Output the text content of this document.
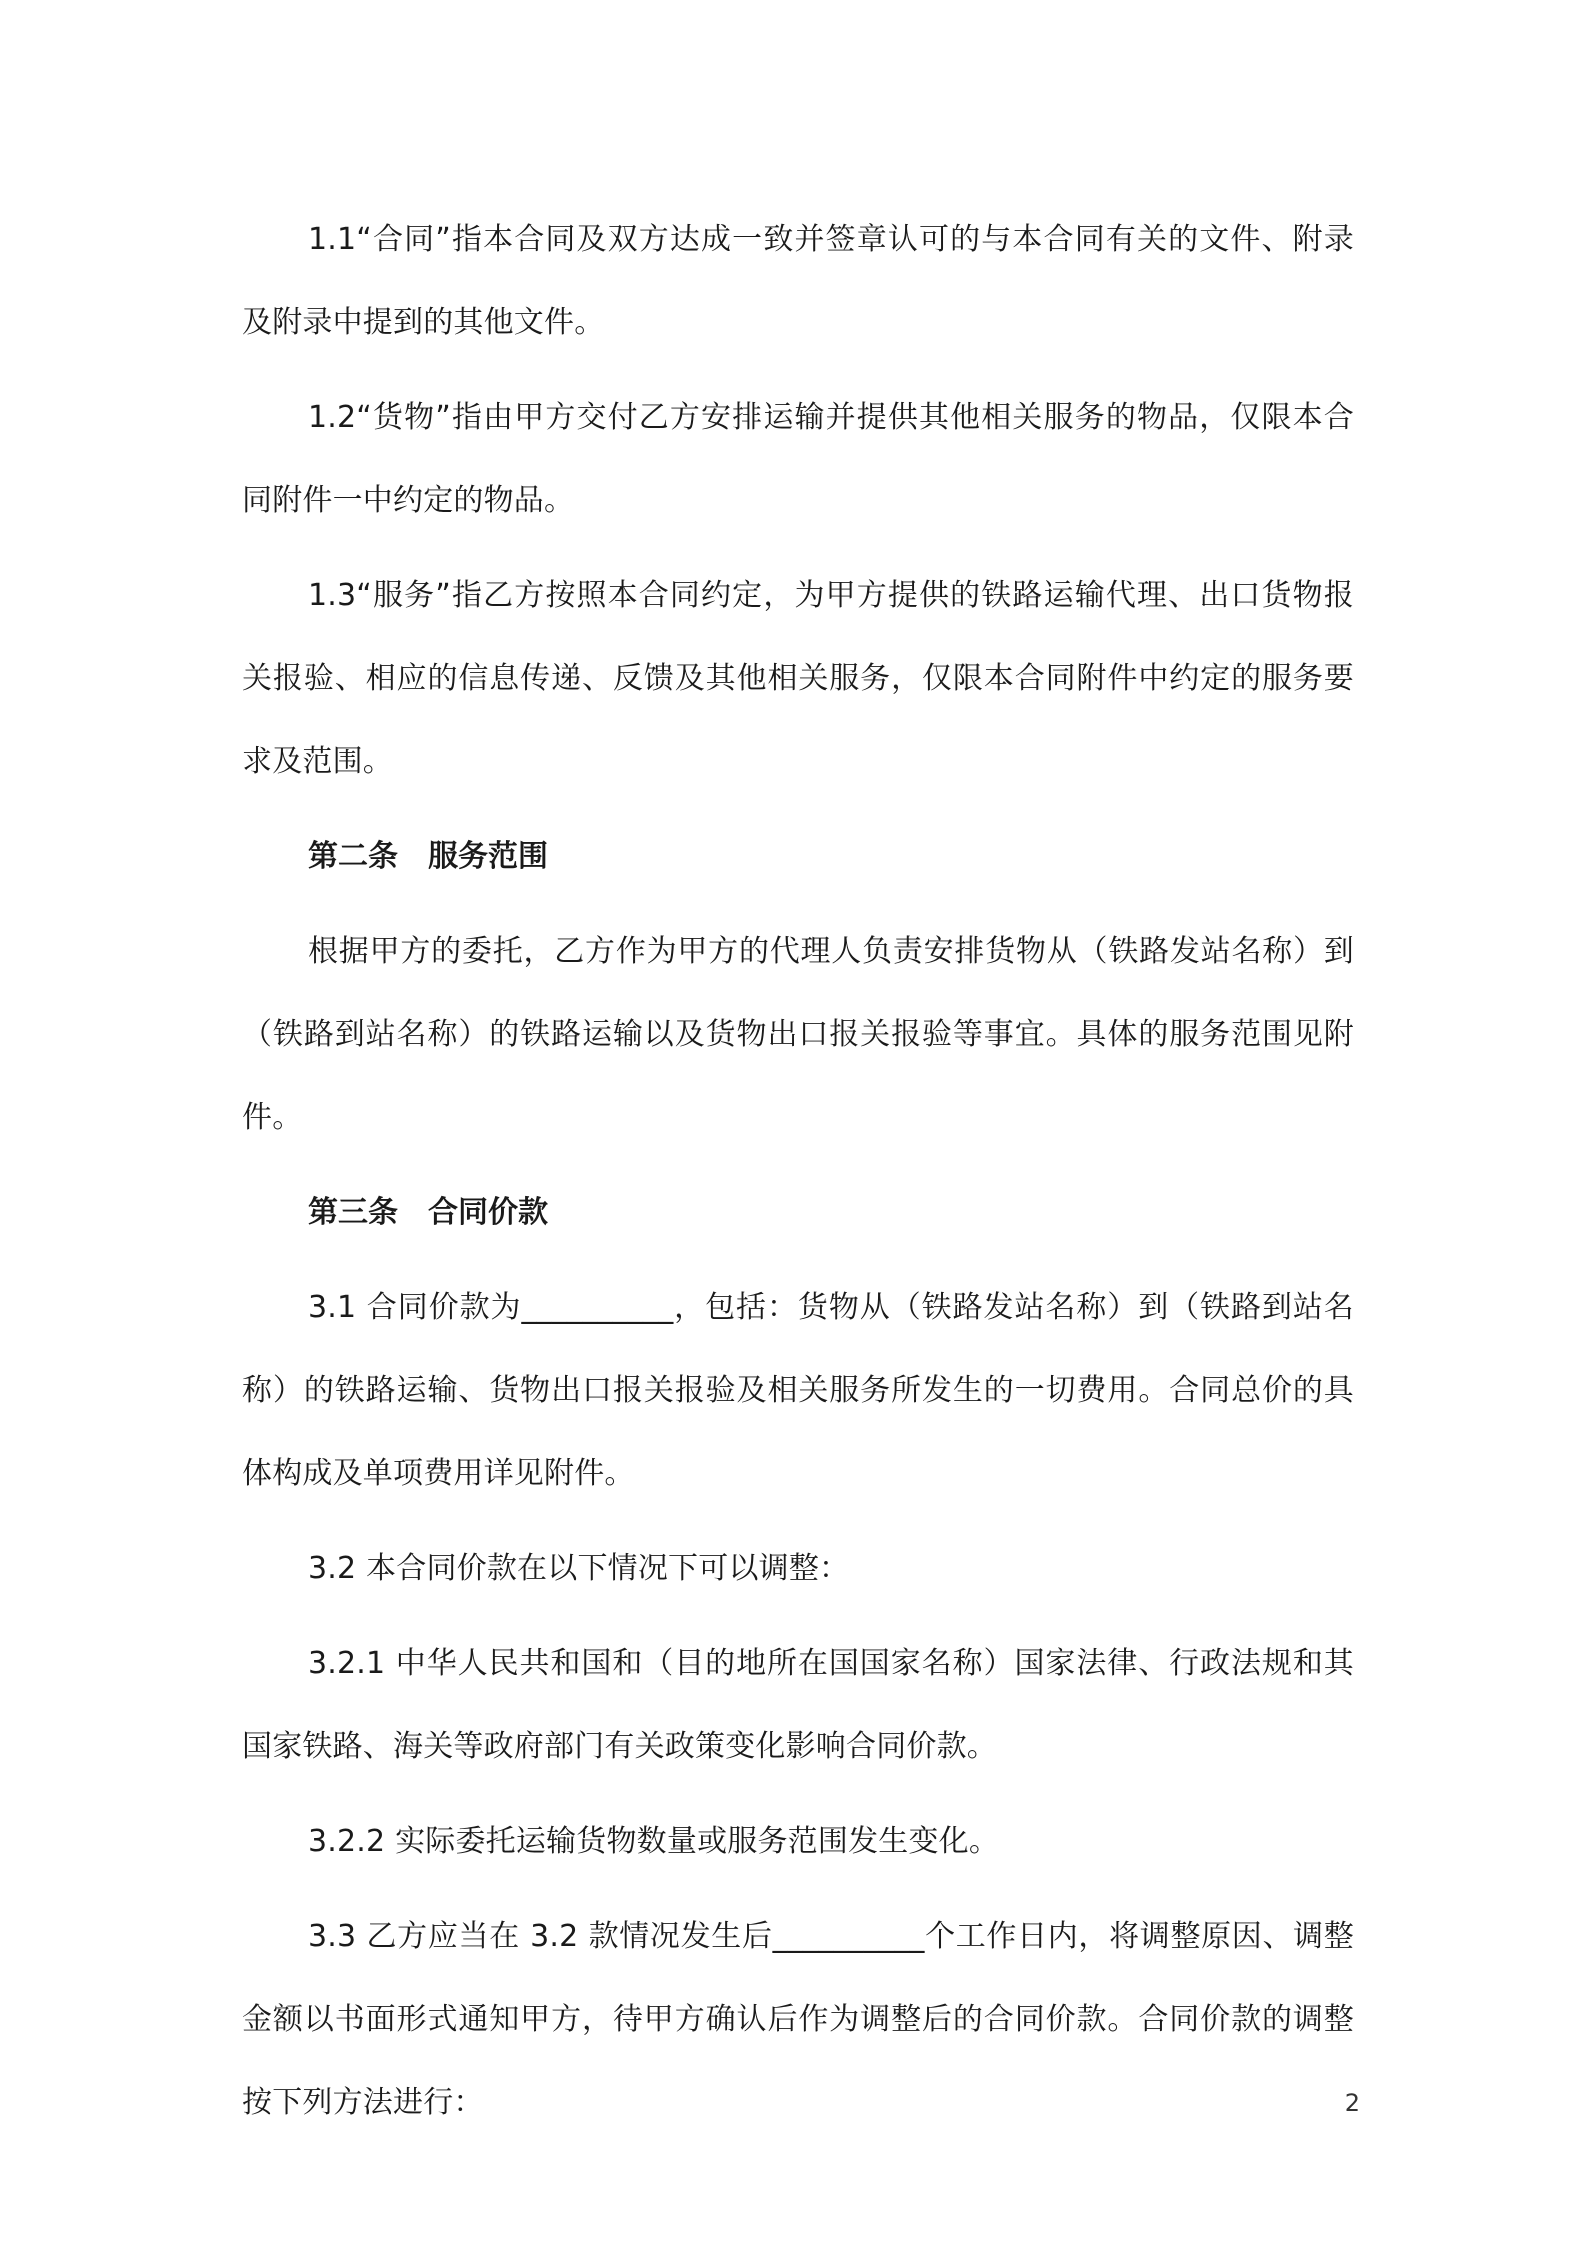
1.1“合同”指本合同及双方达成一致并签章认可的与本合同有关的文件、附录及附录中提到的其他文件。

1.2“货物”指由甲方交付乙方安排运输并提供其他相关服务的物品，仅限本合同附件一中约定的物品。

1.3“服务”指乙方按照本合同约定，为甲方提供的铁路运输代理、出口货物报关报验、相应的信息传递、反馈及其他相关服务，仅限本合同附件中约定的服务要求及范围。

第二条　服务范围

根据甲方的委托，乙方作为甲方的代理人负责安排货物从（铁路发站名称）到（铁路到站名称）的铁路运输以及货物出口报关报验等事宜。具体的服务范围见附件。

第三条　合同价款

3.1 合同价款为__________，包括：货物从（铁路发站名称）到（铁路到站名称）的铁路运输、货物出口报关报验及相关服务所发生的一切费用。合同总价的具体构成及单项费用详见附件。

3.2 本合同价款在以下情况下可以调整：

3.2.1 中华人民共和国和（目的地所在国国家名称）国家法律、行政法规和其国家铁路、海关等政府部门有关政策变化影响合同价款。

3.2.2 实际委托运输货物数量或服务范围发生变化。

3.3 乙方应当在 3.2 款情况发生后__________个工作日内，将调整原因、调整金额以书面形式通知甲方，待甲方确认后作为调整后的合同价款。合同价款的调整按下列方法进行：	2
